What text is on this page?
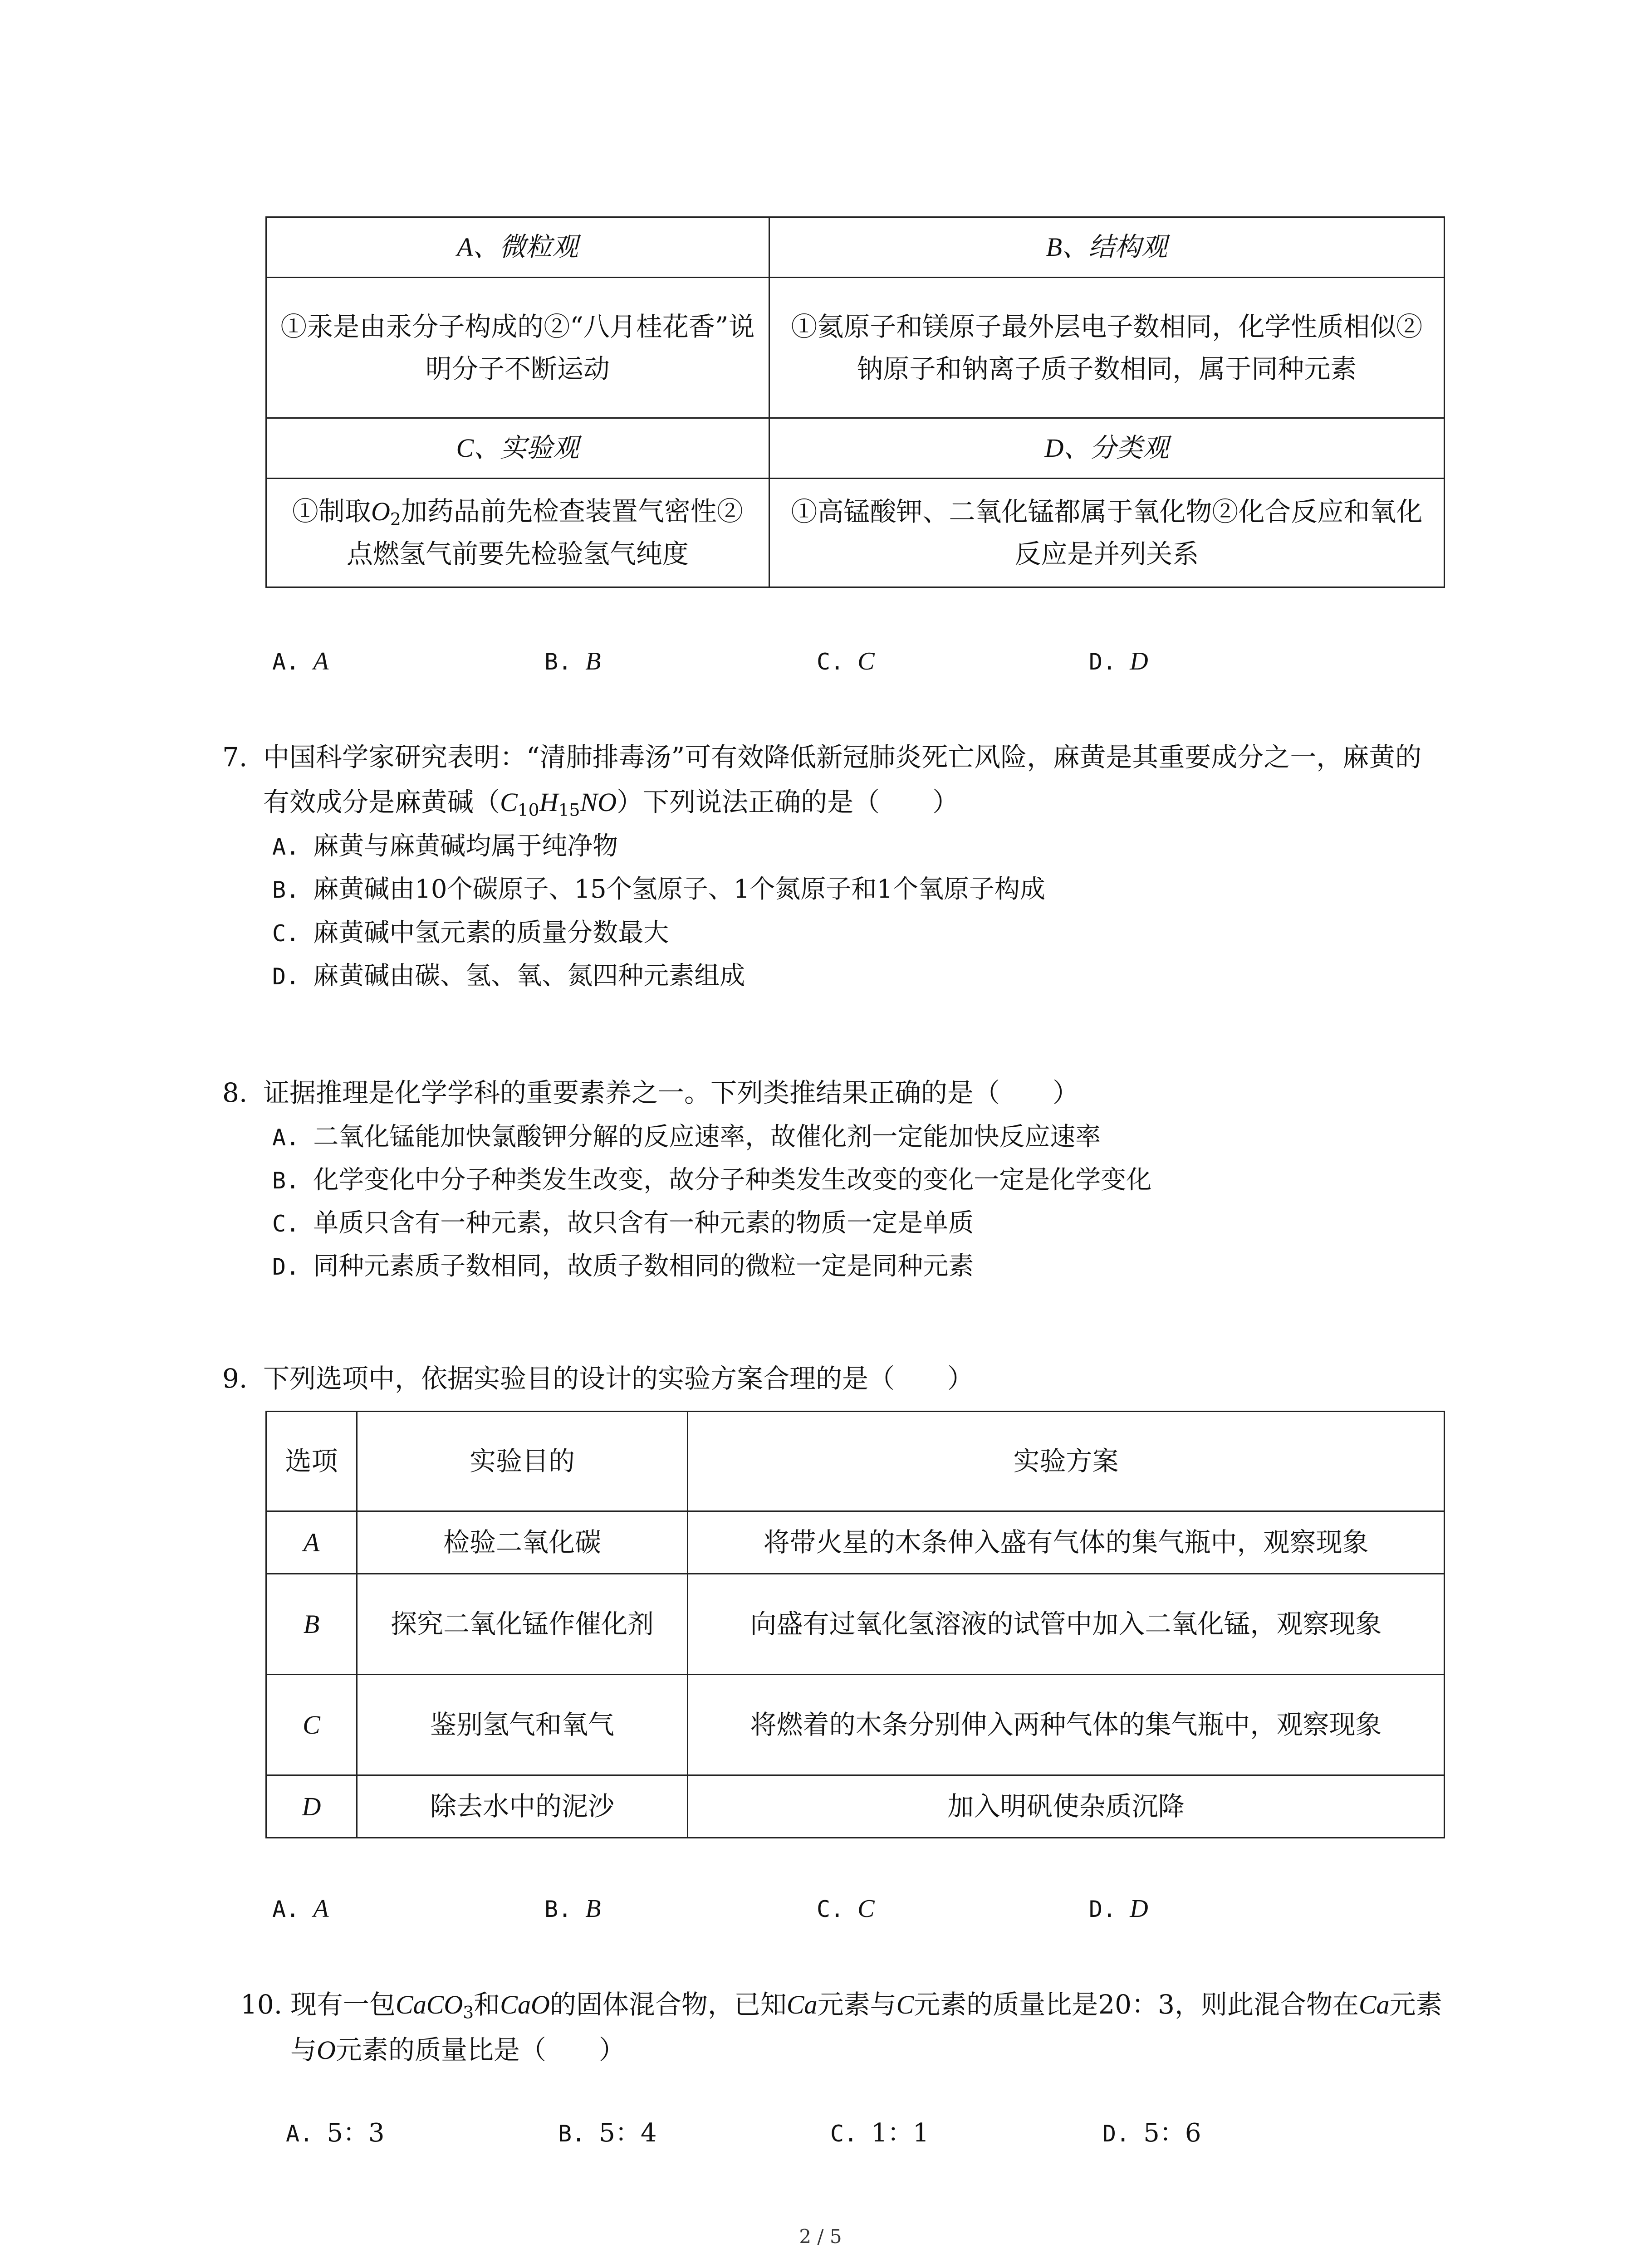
A、微粒观	B、结构观
①汞是由汞分子构成的②“八月桂花香”说明分子不断运动	①氦原子和镁原子最外层电子数相同，化学性质相似②钠原子和钠离子质子数相同，属于同种元素
C、实验观	D、分类观
①制取$O_2$加药品前先检查装置气密性②点燃氢气前要先检验氢气纯度	①高锰酸钾、二氧化锰都属于氧化物②化合反应和氧化反应是并列关系
A. A	B. B	C. C	D. D
7. 中国科学家研究表明：“清肺排毒汤”可有效降低新冠肺炎死亡风险，麻黄是其重要成分之一，麻黄的有效成分是麻黄碱$(C_{10}H_{15}NO)$下列说法正确的是（　　）
A. 麻黄与麻黄碱均属于纯净物
B. 麻黄碱由10个碳原子、15个氢原子、1个氮原子和1个氧原子构成
C. 麻黄碱中氢元素的质量分数最大
D. 麻黄碱由碳、氢、氧、氮四种元素组成
8. 证据推理是化学学科的重要素养之一。下列类推结果正确的是（　　）
A. 二氧化锰能加快氯酸钾分解的反应速率，故催化剂一定能加快反应速率
B. 化学变化中分子种类发生改变，故分子种类发生改变的变化一定是化学变化
C. 单质只含有一种元素，故只含有一种元素的物质一定是单质
D. 同种元素质子数相同，故质子数相同的微粒一定是同种元素
9. 下列选项中，依据实验目的设计的实验方案合理的是（　　）
选项	实验目的	实验方案
A	检验二氧化碳	将带火星的木条伸入盛有气体的集气瓶中，观察现象
B	探究二氧化锰作催化剂	向盛有过氧化氢溶液的试管中加入二氧化锰，观察现象
C	鉴别氢气和氧气	将燃着的木条分别伸入两种气体的集气瓶中，观察现象
D	除去水中的泥沙	加入明矾使杂质沉降
A. A	B. B	C. C	D. D
10. 现有一包CaCO$_3$和CaO的固体混合物，已知Ca元素与C元素的质量比是20：3，则此混合物在Ca元素与O元素的质量比是（　　）
A. 5：3	B. 5：4	C. 1：1	D. 5：6
2 / 5
